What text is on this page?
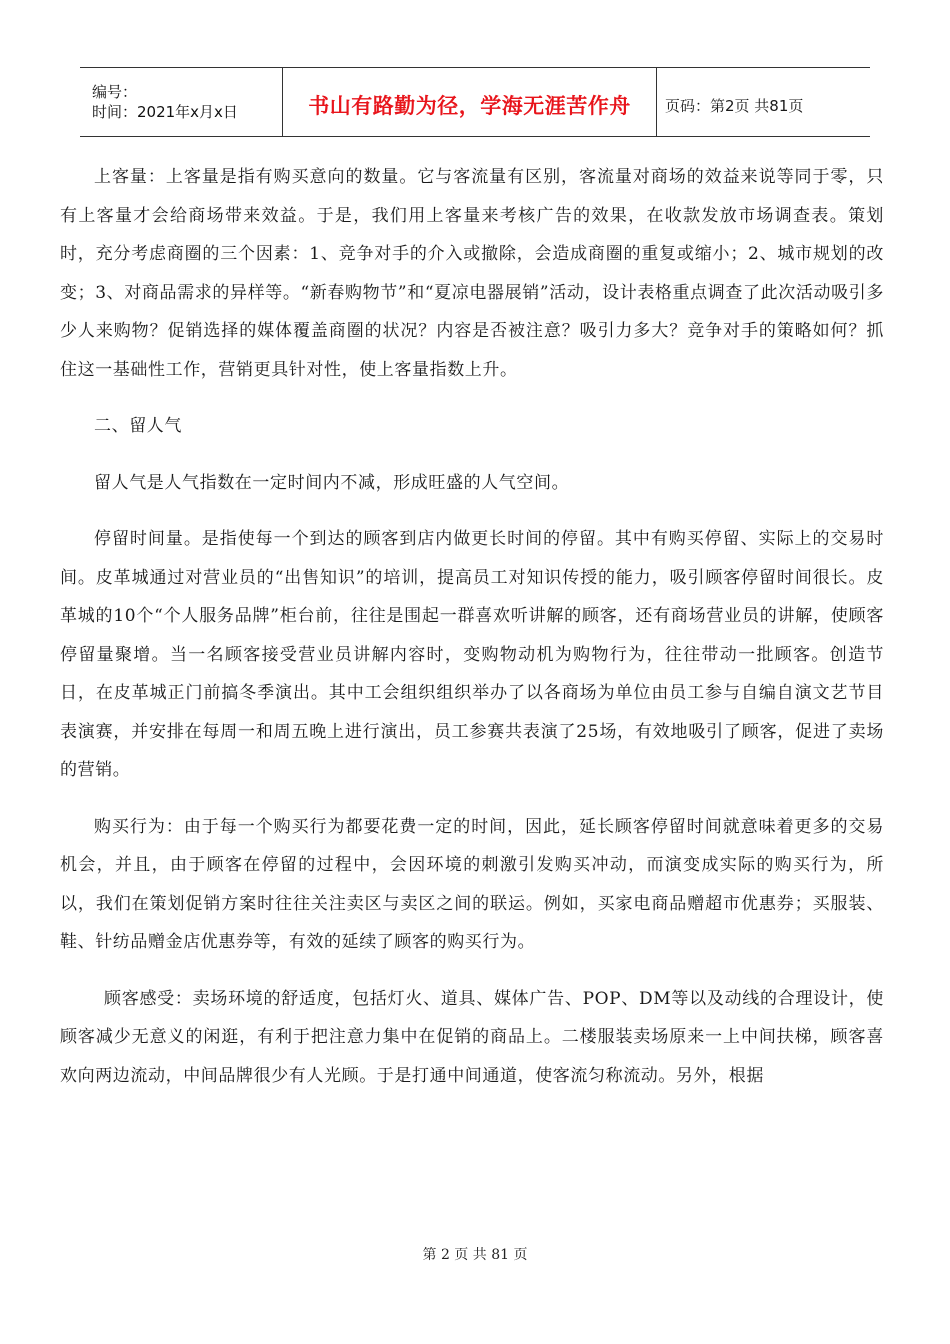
编号：
时间：2021年x月x日	书山有路勤为径，学海无涯苦作舟 页码：第2页 共81页

上客量：上客量是指有购买意向的数量。它与客流量有区别，客流量对商场的效益来说等同于零，只有上客量才会给商场带来效益。于是，我们用上客量来考核广告的效果，在收款发放市场调查表。策划时，充分考虑商圈的三个因素：1、竞争对手的介入或撤除，会造成商圈的重复或缩小；2、城市规划的改变；3、对商品需求的异样等。“新春购物节”和“夏凉电器展销”活动，设计表格重点调查了此次活动吸引多少人来购物？促销选择的媒体覆盖商圈的状况？内容是否被注意？吸引力多大？竞争对手的策略如何？抓住这一基础性工作，营销更具针对性，使上客量指数上升。

二、留人气

留人气是人气指数在一定时间内不减，形成旺盛的人气空间。

停留时间量。是指使每一个到达的顾客到店内做更长时间的停留。其中有购买停留、实际上的交易时间。皮革城通过对营业员的“出售知识”的培训，提高员工对知识传授的能力，吸引顾客停留时间很长。皮革城的10个“个人服务品牌”柜台前，往往是围起一群喜欢听讲解的顾客，还有商场营业员的讲解，使顾客停留量聚增。当一名顾客接受营业员讲解内容时，变购物动机为购物行为，往往带动一批顾客。创造节日，在皮革城正门前搞冬季演出。其中工会组织组织举办了以各商场为单位由员工参与自编自演文艺节目表演赛，并安排在每周一和周五晚上进行演出，员工参赛共表演了25场，有效地吸引了顾客，促进了卖场的营销。

购买行为：由于每一个购买行为都要花费一定的时间，因此，延长顾客停留时间就意味着更多的交易机会，并且，由于顾客在停留的过程中，会因环境的刺激引发购买冲动，而演变成实际的购买行为，所以，我们在策划促销方案时往往关注卖区与卖区之间的联运。例如，买家电商品赠超市优惠券；买服装、鞋、针纺品赠金店优惠券等，有效的延续了顾客的购买行为。

顾客感受：卖场环境的舒适度，包括灯火、道具、媒体广告、POP、DM等以及动线的合理设计，使顾客减少无意义的闲逛，有利于把注意力集中在促销的商品上。二楼服装卖场原来一上中间扶梯，顾客喜欢向两边流动，中间品牌很少有人光顾。于是打通中间通道，使客流匀称流动。另外，根据

第 2 页 共 81 页
